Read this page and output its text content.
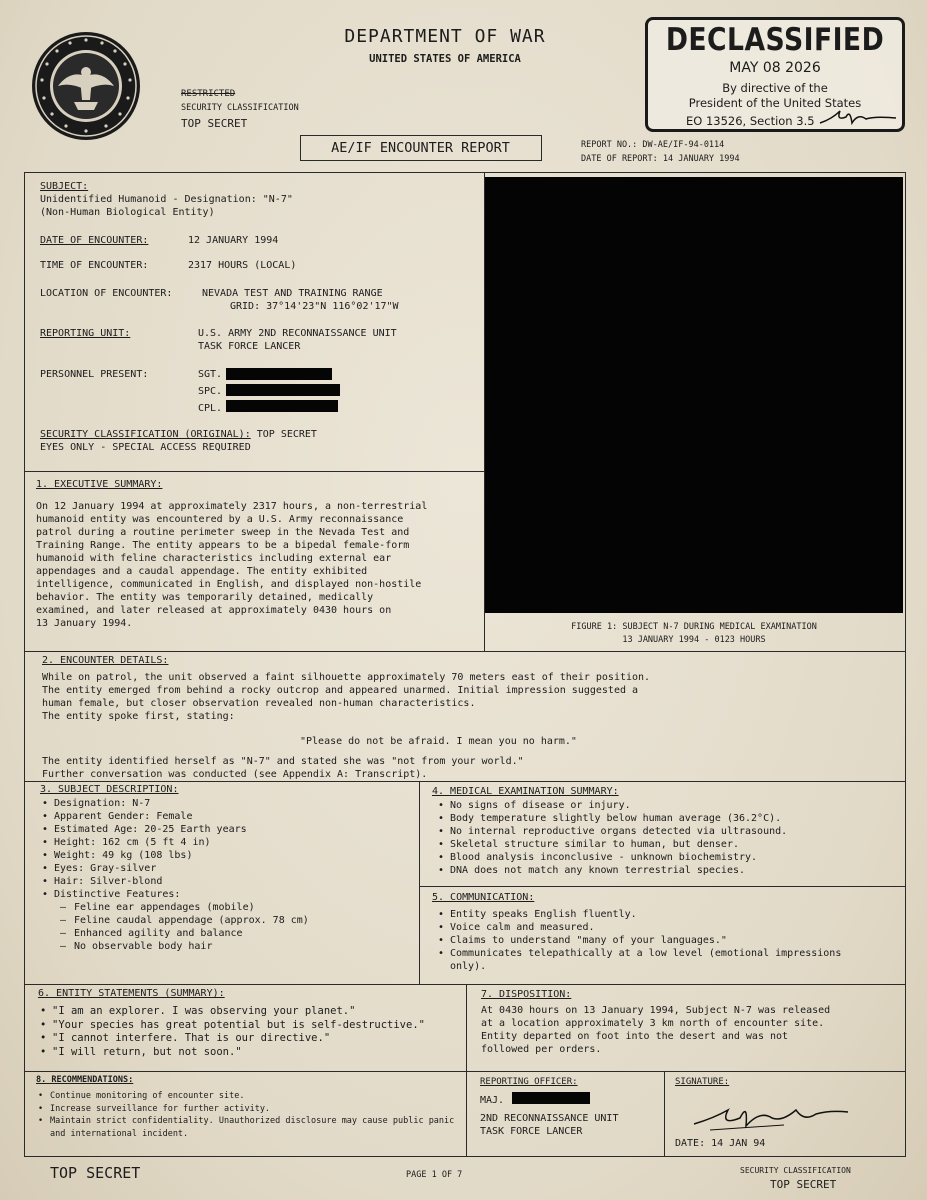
DEPARTMENT OF WAR
UNITED STATES OF AMERICA
RESTRICTED
SECURITY CLASSIFICATION
TOP SECRET
DECLASSIFIED
MAY 08 2026
By directive of the
President of the United States
EO 13526, Section 3.5
AE/IF ENCOUNTER REPORT	REPORT NO.: DW-AE/IF-94-0114
DATE OF REPORT: 14 JANUARY 1994
FIGURE 1: SUBJECT N-7 DURING MEDICAL EXAMINATION
13 JANUARY 1994 - 0123 HOURS
SUBJECT:
Unidentified Humanoid - Designation: "N-7"
(Non-Human Biological Entity)
DATE OF ENCOUNTER:	12 JANUARY 1994
TIME OF ENCOUNTER:	2317 HOURS (LOCAL)
LOCATION OF ENCOUNTER:	NEVADA TEST AND TRAINING RANGE
GRID: 37°14'23"N 116°02'17"W
REPORTING UNIT:	U.S. ARMY 2ND RECONNAISSANCE UNIT
TASK FORCE LANCER
PERSONNEL PRESENT:	SGT.
SPC.
CPL.
SECURITY CLASSIFICATION (ORIGINAL): TOP SECRET
EYES ONLY - SPECIAL ACCESS REQUIRED
1. EXECUTIVE SUMMARY:
On 12 January 1994 at approximately 2317 hours, a non-terrestrial
humanoid entity was encountered by a U.S. Army reconnaissance
patrol during a routine perimeter sweep in the Nevada Test and
Training Range. The entity appears to be a bipedal female-form
humanoid with feline characteristics including external ear
appendages and a caudal appendage. The entity exhibited
intelligence, communicated in English, and displayed non-hostile
behavior. The entity was temporarily detained, medically
examined, and later released at approximately 0430 hours on
13 January 1994.
2. ENCOUNTER DETAILS:
While on patrol, the unit observed a faint silhouette approximately 70 meters east of their position.
The entity emerged from behind a rocky outcrop and appeared unarmed. Initial impression suggested a
human female, but closer observation revealed non-human characteristics.
The entity spoke first, stating:
"Please do not be afraid. I mean you no harm."
The entity identified herself as "N-7" and stated she was "not from your world."
Further conversation was conducted (see Appendix A: Transcript).
3. SUBJECT DESCRIPTION:
• Designation: N-7
• Apparent Gender: Female
• Estimated Age: 20-25 Earth years
• Height: 162 cm (5 ft 4 in)
• Weight: 49 kg (108 lbs)
• Eyes: Gray-silver
• Hair: Silver-blond
• Distinctive Features:
– Feline ear appendages (mobile)
– Feline caudal appendage (approx. 78 cm)
– Enhanced agility and balance
– No observable body hair
4. MEDICAL EXAMINATION SUMMARY:
• No signs of disease or injury.
• Body temperature slightly below human average (36.2°C).
• No internal reproductive organs detected via ultrasound.
• Skeletal structure similar to human, but denser.
• Blood analysis inconclusive - unknown biochemistry.
• DNA does not match any known terrestrial species.
5. COMMUNICATION:
• Entity speaks English fluently.
• Voice calm and measured.
• Claims to understand "many of your languages."
• Communicates telepathically at a low level (emotional impressions only).
6. ENTITY STATEMENTS (SUMMARY):
• "I am an explorer. I was observing your planet."
• "Your species has great potential but is self-destructive."
• "I cannot interfere. That is our directive."
• "I will return, but not soon."
7. DISPOSITION:
At 0430 hours on 13 January 1994, Subject N-7 was released
at a location approximately 3 km north of encounter site.
Entity departed on foot into the desert and was not
followed per orders.
8. RECOMMENDATIONS:
• Continue monitoring of encounter site.
• Increase surveillance for further activity.
• Maintain strict confidentiality. Unauthorized disclosure may cause public panic and international incident.
REPORTING OFFICER:
MAJ.
2ND RECONNAISSANCE UNIT
TASK FORCE LANCER
SIGNATURE:
DATE: 14 JAN 94
TOP SECRET	PAGE 1 OF 7	SECURITY CLASSIFICATION
TOP SECRET
